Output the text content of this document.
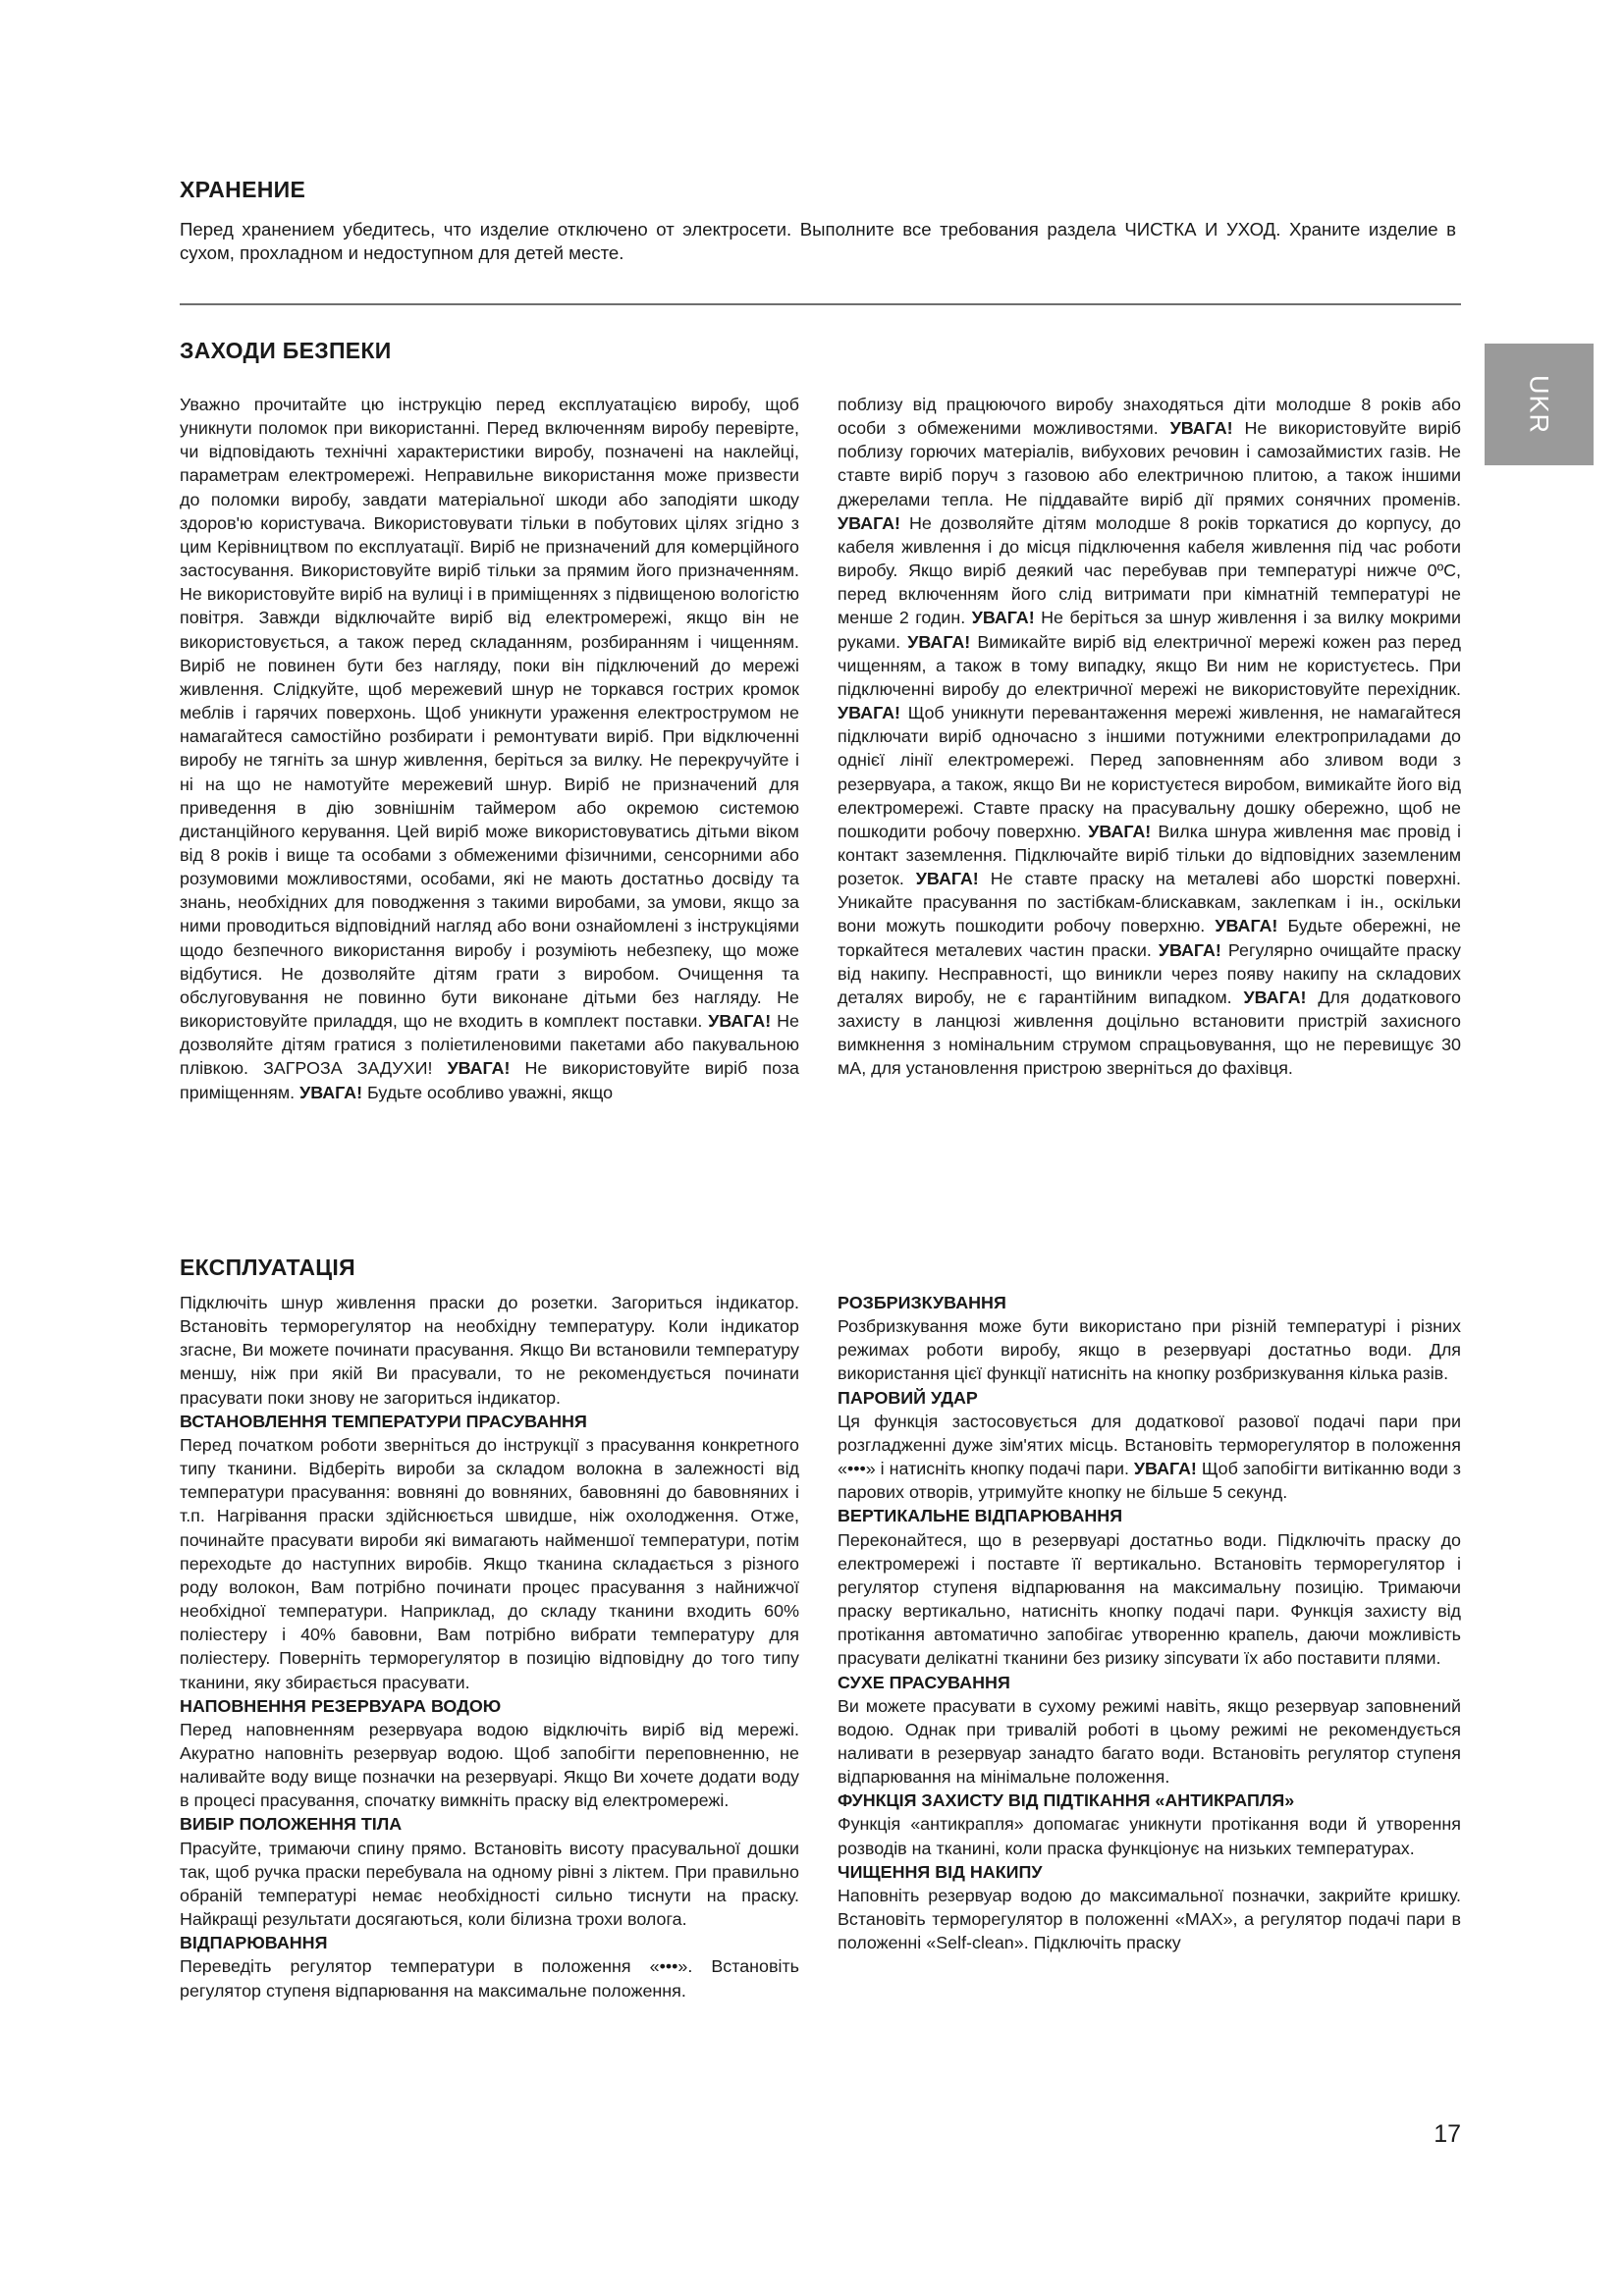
UKR
ХРАНЕНИЕ

Перед хранением убедитесь, что изделие отключено от электросети. Выполните все требования раздела ЧИСТКА И УХОД. Храните изделие в сухом, прохладном и недоступном для детей месте.

ЗАХОДИ БЕЗПЕКИ

Уважно прочитайте цю інструкцію перед експлуатацією виробу, щоб уникнути поломок при використанні. Перед включенням виробу перевірте, чи відповідають технічні характеристики виробу, позначені на наклейці, параметрам електромережі. Неправильне використання може призвести до поломки виробу, завдати матеріальної шкоди або заподіяти шкоду здоров'ю користувача. Використовувати тільки в побутових цілях згідно з цим Керівництвом по експлуатації. Виріб не призначений для комерційного застосування. Використовуйте виріб тільки за прямим його призначенням. Не використовуйте виріб на вулиці і в приміщеннях з підвищеною вологістю повітря. Завжди відключайте виріб від електромережі, якщо він не використовується, а також перед складанням, розбиранням і чищенням. Виріб не повинен бути без нагляду, поки він підключений до мережі живлення. Слідкуйте, щоб мережевий шнур не торкався гострих кромок меблів і гарячих поверхонь. Щоб уникнути ураження електрострумом не намагайтеся самостійно розбирати і ремонтувати виріб. При відключенні виробу не тягніть за шнур живлення, беріться за вилку. Не перекручуйте і ні на що не намотуйте мережевий шнур. Виріб не призначений для приведення в дію зовнішнім таймером або окремою системою дистанційного керування. Цей виріб може використовуватись дітьми віком від 8 років і вище та особами з обмеженими фізичними, сенсорними або розумовими можливостями, особами, які не мають достатньо досвіду та знань, необхідних для поводження з такими виробами, за умови, якщо за ними проводиться відповідний нагляд або вони ознайомлені з інструкціями щодо безпечного використання виробу і розуміють небезпеку, що може відбутися. Не дозволяйте дітям грати з виробом. Очищення та обслуговування не повинно бути виконане дітьми без нагляду. Не використовуйте приладдя, що не входить в комплект поставки. УВАГА! Не дозволяйте дітям гратися з поліетиленовими пакетами або пакувальною плівкою. ЗАГРОЗА ЗАДУХИ! УВАГА! Не використовуйте виріб поза приміщенням. УВАГА! Будьте особливо уважні, якщо

поблизу від працюючого виробу знаходяться діти молодше 8 років або особи з обмеженими можливостями. УВАГА! Не використовуйте виріб поблизу горючих матеріалів, вибухових речовин і самозаймистих газів. Не ставте виріб поруч з газовою або електричною плитою, а також іншими джерелами тепла. Не піддавайте виріб дії прямих сонячних променів. УВАГА! Не дозволяйте дітям молодше 8 років торкатися до корпусу, до кабеля живлення і до місця підключення кабеля живлення під час роботи виробу. Якщо виріб деякий час перебував при температурі нижче 0ºС, перед включенням його слід витримати при кімнатній температурі не менше 2 годин. УВАГА! Не беріться за шнур живлення і за вилку мокрими руками. УВАГА! Вимикайте виріб від електричної мережі кожен раз перед чищенням, а також в тому випадку, якщо Ви ним не користуєтесь. При підключенні виробу до електричної мережі не використовуйте перехідник. УВАГА! Щоб уникнути перевантаження мережі живлення, не намагайтеся підключати виріб одночасно з іншими потужними електроприладами до однієї лінії електромережі. Перед заповненням або зливом води з резервуара, а також, якщо Ви не користуєтеся виробом, вимикайте його від електромережі. Ставте праску на прасувальну дошку обережно, щоб не пошкодити робочу поверхню. УВАГА! Вилка шнура живлення має провід і контакт заземлення. Підключайте виріб тільки до відповідних заземленим розеток. УВАГА! Не ставте праску на металеві або шорсткі поверхні. Уникайте прасування по застібкам-блискавкам, заклепкам і ін., оскільки вони можуть пошкодити робочу поверхню. УВАГА! Будьте обережні, не торкайтеся металевих частин праски. УВАГА! Регулярно очищайте праску від накипу. Несправності, що виникли через появу накипу на складових деталях виробу, не є гарантійним випадком. УВАГА! Для додаткового захисту в ланцюзі живлення доцільно встановити пристрій захисного вимкнення з номінальним струмом спрацьовування, що не перевищує 30 мА, для установлення пристрою зверніться до фахівця.

ЕКСПЛУАТАЦІЯ

Підключіть шнур живлення праски до розетки. Загориться індикатор. Встановіть терморегулятор на необхідну температуру. Коли індикатор згасне, Ви можете починати прасування. Якщо Ви встановили температуру меншу, ніж при якій Ви прасували, то не рекомендується починати прасувати поки знову не загориться індикатор.

ВСТАНОВЛЕННЯ ТЕМПЕРАТУРИ ПРАСУВАННЯ

Перед початком роботи зверніться до інструкції з прасування конкретного типу тканини. Відберіть вироби за складом волокна в залежності від температури прасування: вовняні до вовняних, бавовняні до бавовняних і т.п. Нагрівання праски здійснюється швидше, ніж охолодження. Отже, починайте прасувати вироби які вимагають найменшої температури, потім переходьте до наступних виробів. Якщо тканина складається з різного роду волокон, Вам потрібно починати процес прасування з найнижчої необхідної температури. Наприклад, до складу тканини входить 60% поліестеру і 40% бавовни, Вам потрібно вибрати температуру для поліестеру. Поверніть терморегулятор в позицію відповідну до того типу тканини, яку збирається прасувати.

НАПОВНЕННЯ РЕЗЕРВУАРА ВОДОЮ

Перед наповненням резервуара водою відключіть виріб від мережі. Акуратно наповніть резервуар водою. Щоб запобігти переповненню, не наливайте воду вище позначки на резервуарі. Якщо Ви хочете додати воду в процесі прасування, спочатку вимкніть праску від електромережі.

ВИБІР ПОЛОЖЕННЯ ТІЛА

Прасуйте, тримаючи спину прямо. Встановіть висоту прасувальної дошки так, щоб ручка праски перебувала на одному рівні з ліктем. При правильно обраній температурі немає необхідності сильно тиснути на праску. Найкращі результати досягаються, коли білизна трохи волога.

ВІДПАРЮВАННЯ

Переведіть регулятор температури в положення «•••». Встановіть регулятор ступеня відпарювання на максимальне положення.

РОЗБРИЗКУВАННЯ

Розбризкування може бути використано при різній температурі і різних режимах роботи виробу, якщо в резервуарі достатньо води. Для використання цієї функції натисніть на кнопку розбризкування кілька разів.

ПАРОВИЙ УДАР

Ця функція застосовується для додаткової разової подачі пари при розгладженні дуже зім'ятих місць. Встановіть терморегулятор в положення «•••» і натисніть кнопку подачі пари. УВАГА! Щоб запобігти витіканню води з парових отворів, утримуйте кнопку не більше 5 секунд.

ВЕРТИКАЛЬНЕ ВІДПАРЮВАННЯ

Переконайтеся, що в резервуарі достатньо води. Підключіть праску до електромережі і поставте її вертикально. Встановіть терморегулятор і регулятор ступеня відпарювання на максимальну позицію. Тримаючи праску вертикально, натисніть кнопку подачі пари. Функція захисту від протікання автоматично запобігає утворенню крапель, даючи можливість прасувати делікатні тканини без ризику зіпсувати їх або поставити плями.

СУХЕ ПРАСУВАННЯ

Ви можете прасувати в сухому режимі навіть, якщо резервуар заповнений водою. Однак при тривалій роботі в цьому режимі не рекомендується наливати в резервуар занадто багато води. Встановіть регулятор ступеня відпарювання на мінімальне положення.

ФУНКЦІЯ ЗАХИСТУ ВІД ПІДТІКАННЯ «АНТИКРАПЛЯ»

Функція «антикрапля» допомагає уникнути протікання води й утворення розводів на тканині, коли праска функціонує на низьких температурах.

ЧИЩЕННЯ ВІД НАКИПУ

Наповніть резервуар водою до максимальної позначки, закрийте кришку. Встановіть терморегулятор в положенні «MAX», а регулятор подачі пари в положенні «Self-clean». Підключіть праску

17
